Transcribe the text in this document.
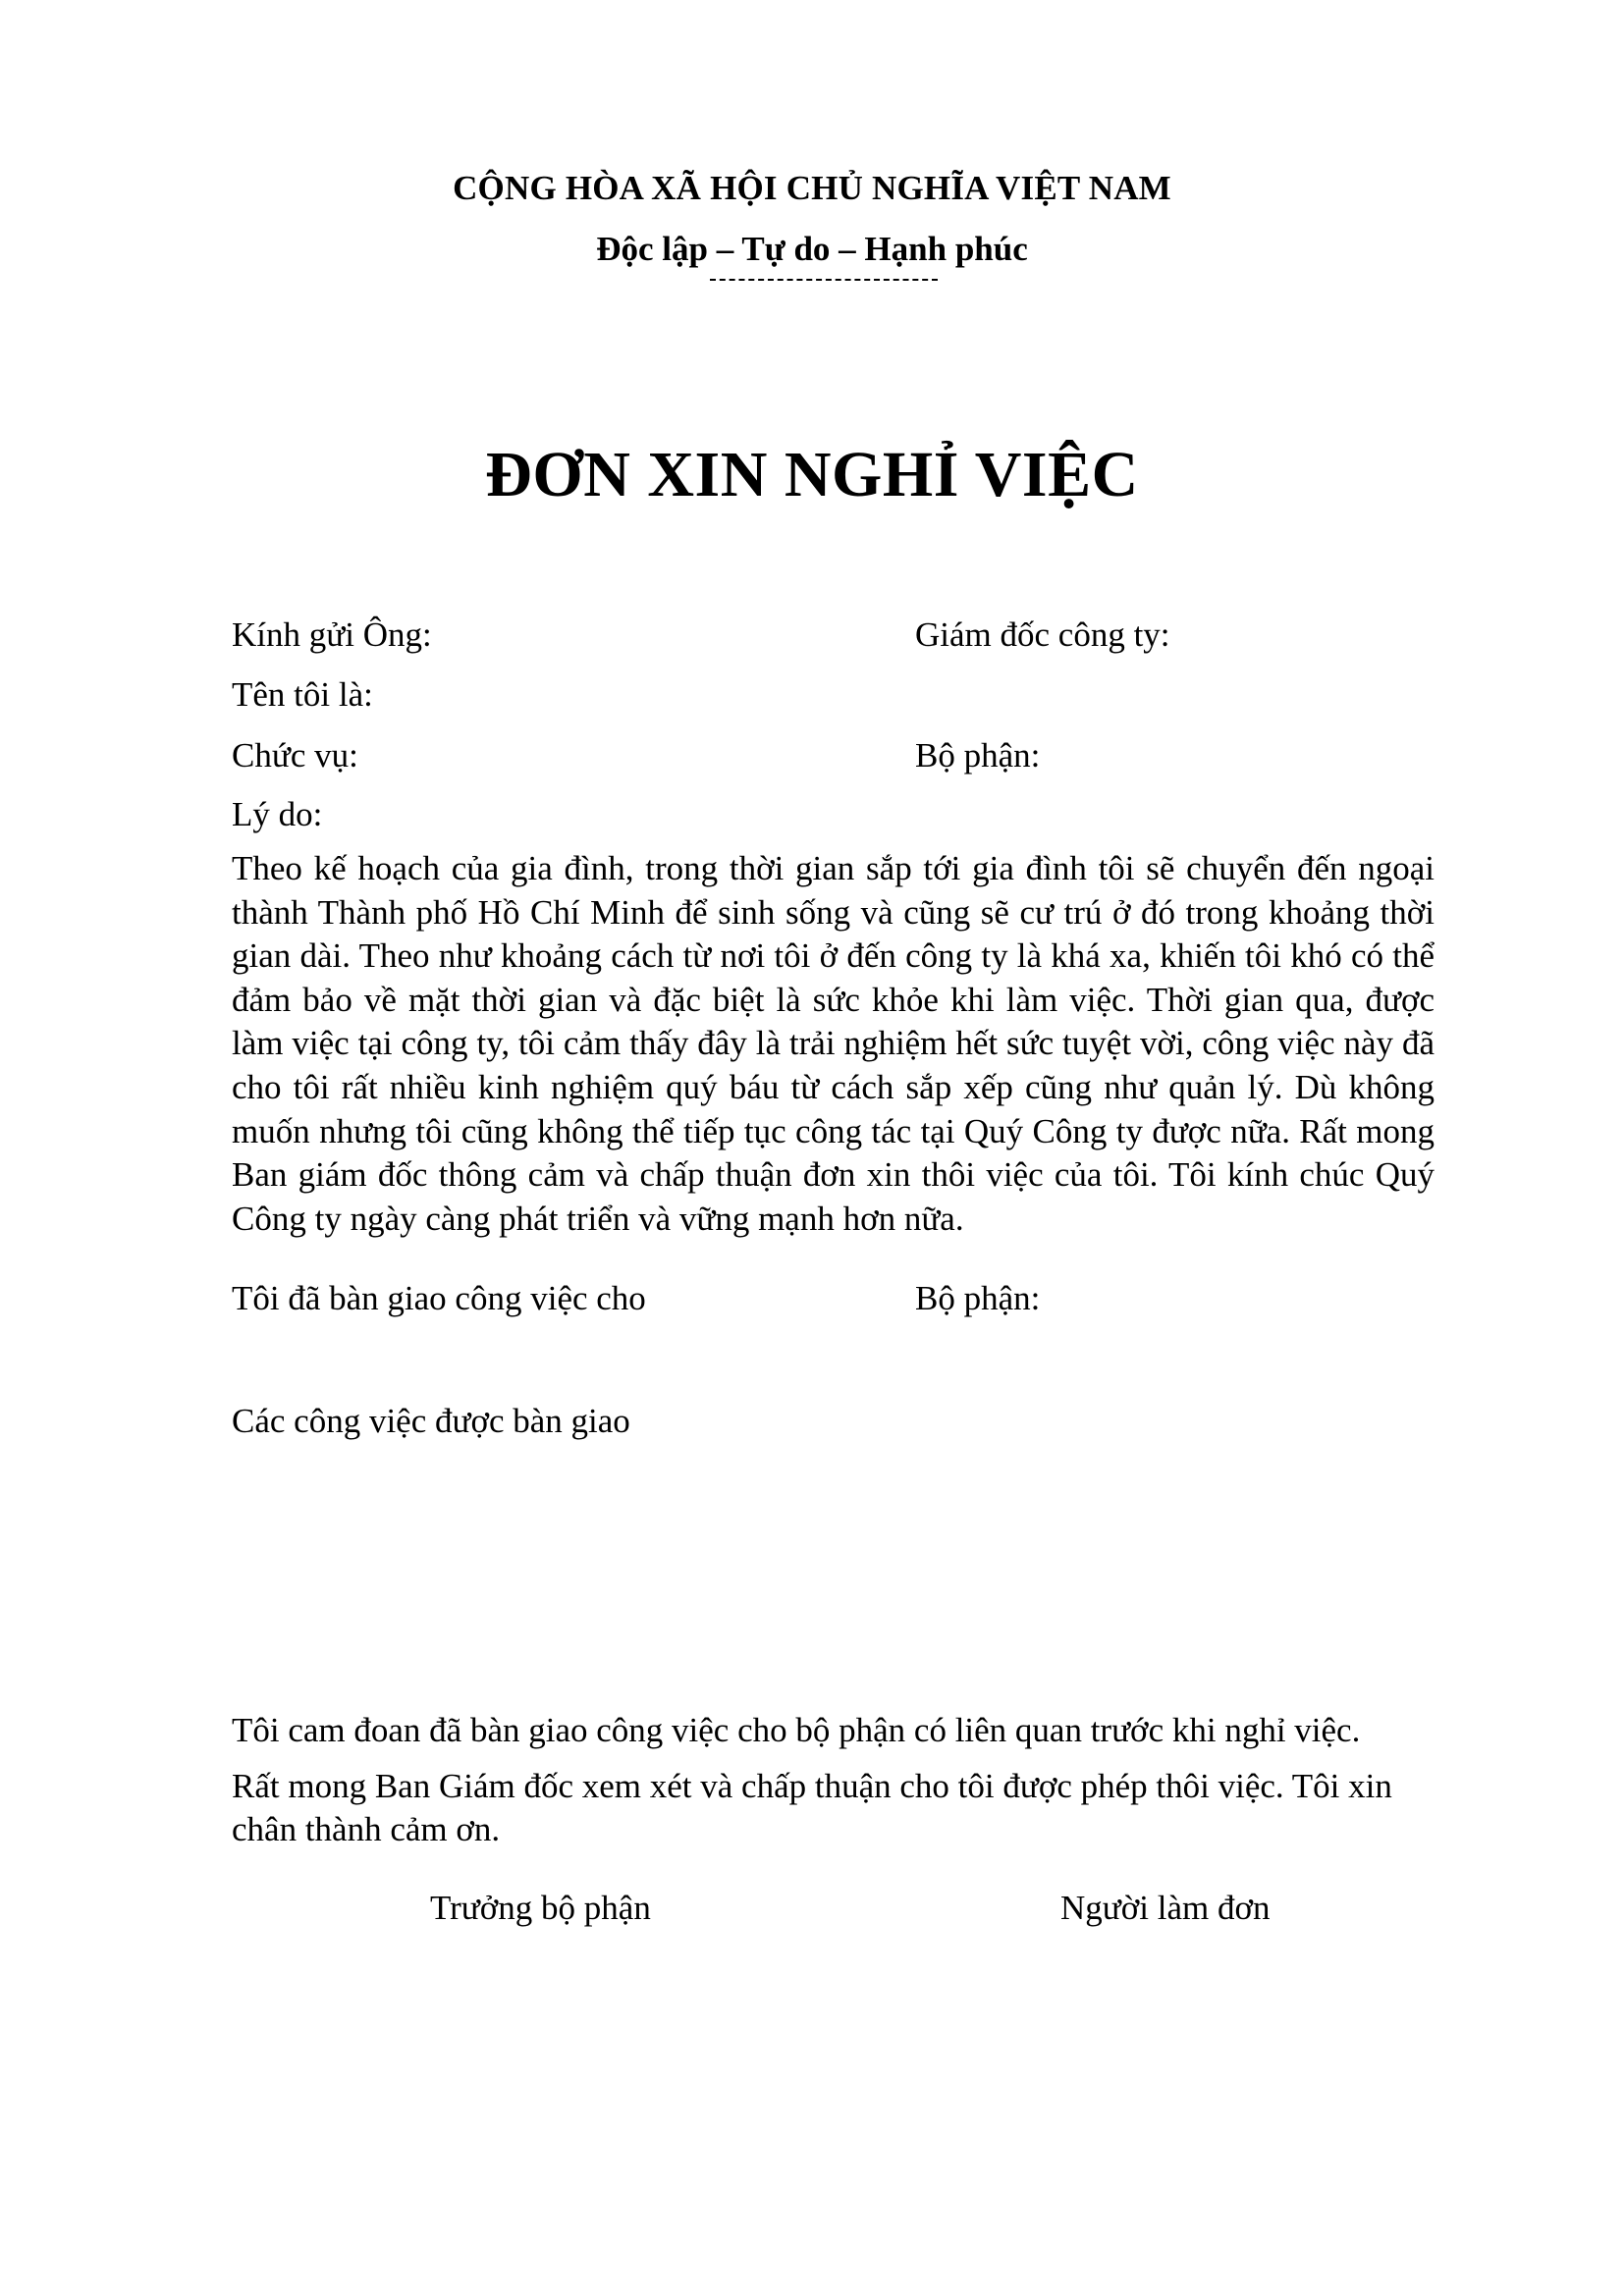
CỘNG HÒA XÃ HỘI CHỦ NGHĨA VIỆT NAM
Độc lập – Tự do – Hạnh phúc
ĐƠN XIN NGHỈ VIỆC
Kính gửi Ông:	Giám đốc công ty:
Tên tôi là:
Chức vụ:	Bộ phận:
Lý do:
Theo kế hoạch của gia đình, trong thời gian sắp tới gia đình tôi sẽ chuyển đến ngoại thành Thành phố Hồ Chí Minh để sinh sống và cũng sẽ cư trú ở đó trong khoảng thời gian dài. Theo như khoảng cách từ nơi tôi ở đến công ty là khá xa, khiến tôi khó có thể đảm bảo về mặt thời gian và đặc biệt là sức khỏe khi làm việc. Thời gian qua, được làm việc tại công ty, tôi cảm thấy đây là trải nghiệm hết sức tuyệt vời, công việc này đã cho tôi rất nhiều kinh nghiệm quý báu từ cách sắp xếp cũng như quản lý. Dù không muốn nhưng tôi cũng không thể tiếp tục công tác tại Quý Công ty được nữa. Rất mong Ban giám đốc thông cảm và chấp thuận đơn xin thôi việc của tôi. Tôi kính chúc Quý Công ty ngày càng phát triển và vững mạnh hơn nữa.
Tôi đã bàn giao công việc cho	Bộ phận:
Các công việc được bàn giao
Tôi cam đoan đã bàn giao công việc cho bộ phận có liên quan trước khi nghỉ việc.
Rất mong Ban Giám đốc xem xét và chấp thuận cho tôi được phép thôi việc. Tôi xin chân thành cảm ơn.
Trưởng bộ phận	Người làm đơn
